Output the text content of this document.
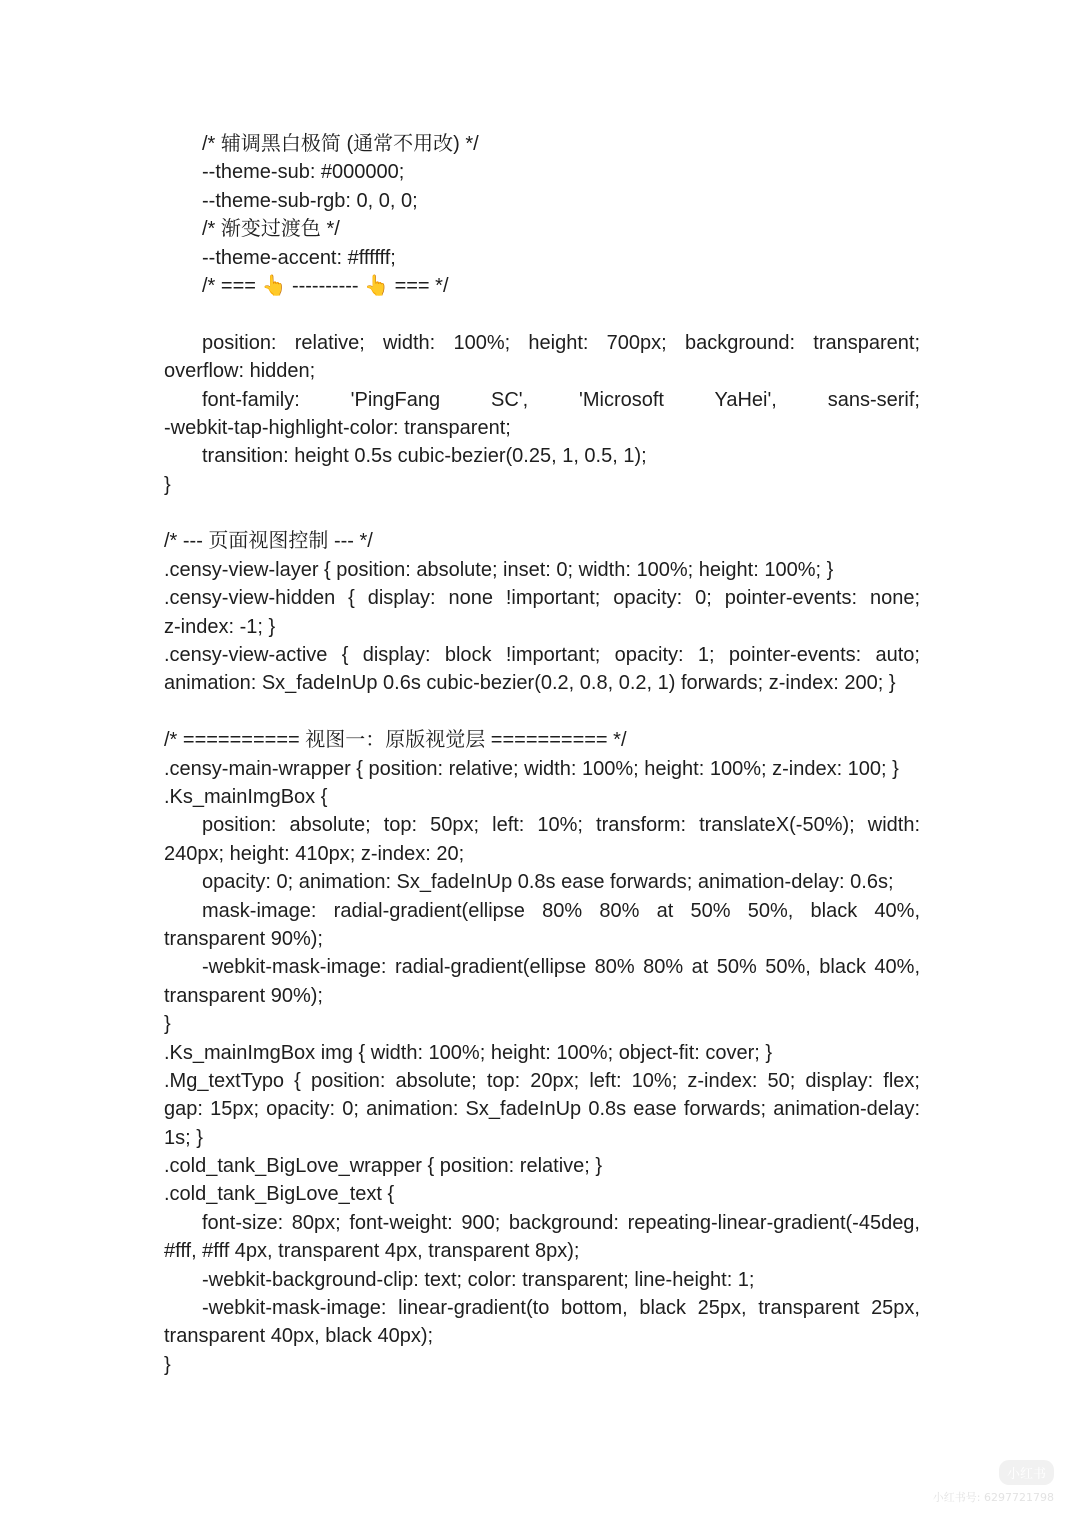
/* 辅调黑白极简 (通常不用改) */
--theme-sub: #000000;
--theme-sub-rgb: 0, 0, 0;
/* 渐变过渡色 */
--theme-accent: #ffffff;
/* === 👆 ---------- 👆 === */
position: relative; width: 100%; height: 700px; background: transparent;
overflow: hidden;
font-family: 'PingFang SC', 'Microsoft YaHei', sans-serif;
-webkit-tap-highlight-color: transparent;
transition: height 0.5s cubic-bezier(0.25, 1, 0.5, 1);
}
/* --- 页面视图控制 --- */
.censy-view-layer { position: absolute; inset: 0; width: 100%; height: 100%; }
.censy-view-hidden { display: none !important; opacity: 0; pointer-events: none;
z-index: -1; }
.censy-view-active { display: block !important; opacity: 1; pointer-events: auto;
animation: Sx_fadeInUp 0.6s cubic-bezier(0.2, 0.8, 0.2, 1) forwards; z-index: 200; }
/* ========== 视图一：原版视觉层 ========== */
.censy-main-wrapper { position: relative; width: 100%; height: 100%; z-index: 100; }
.Ks_mainImgBox {
position: absolute; top: 50px; left: 10%; transform: translateX(-50%); width:
240px; height: 410px; z-index: 20;
opacity: 0; animation: Sx_fadeInUp 0.8s ease forwards; animation-delay: 0.6s;
mask-image: radial-gradient(ellipse 80% 80% at 50% 50%, black 40%,
transparent 90%);
-webkit-mask-image: radial-gradient(ellipse 80% 80% at 50% 50%, black 40%,
transparent 90%);
}
.Ks_mainImgBox img { width: 100%; height: 100%; object-fit: cover; }
.Mg_textTypo { position: absolute; top: 20px; left: 10%; z-index: 50; display: flex;
gap: 15px; opacity: 0; animation: Sx_fadeInUp 0.8s ease forwards; animation-delay:
1s; }
.cold_tank_BigLove_wrapper { position: relative; }
.cold_tank_BigLove_text {
font-size: 80px; font-weight: 900; background: repeating-linear-gradient(-45deg,
#fff, #fff 4px, transparent 4px, transparent 8px);
-webkit-background-clip: text; color: transparent; line-height: 1;
-webkit-mask-image: linear-gradient(to bottom, black 25px, transparent 25px,
transparent 40px, black 40px);
}
小红书
小红书号: 6297721798
